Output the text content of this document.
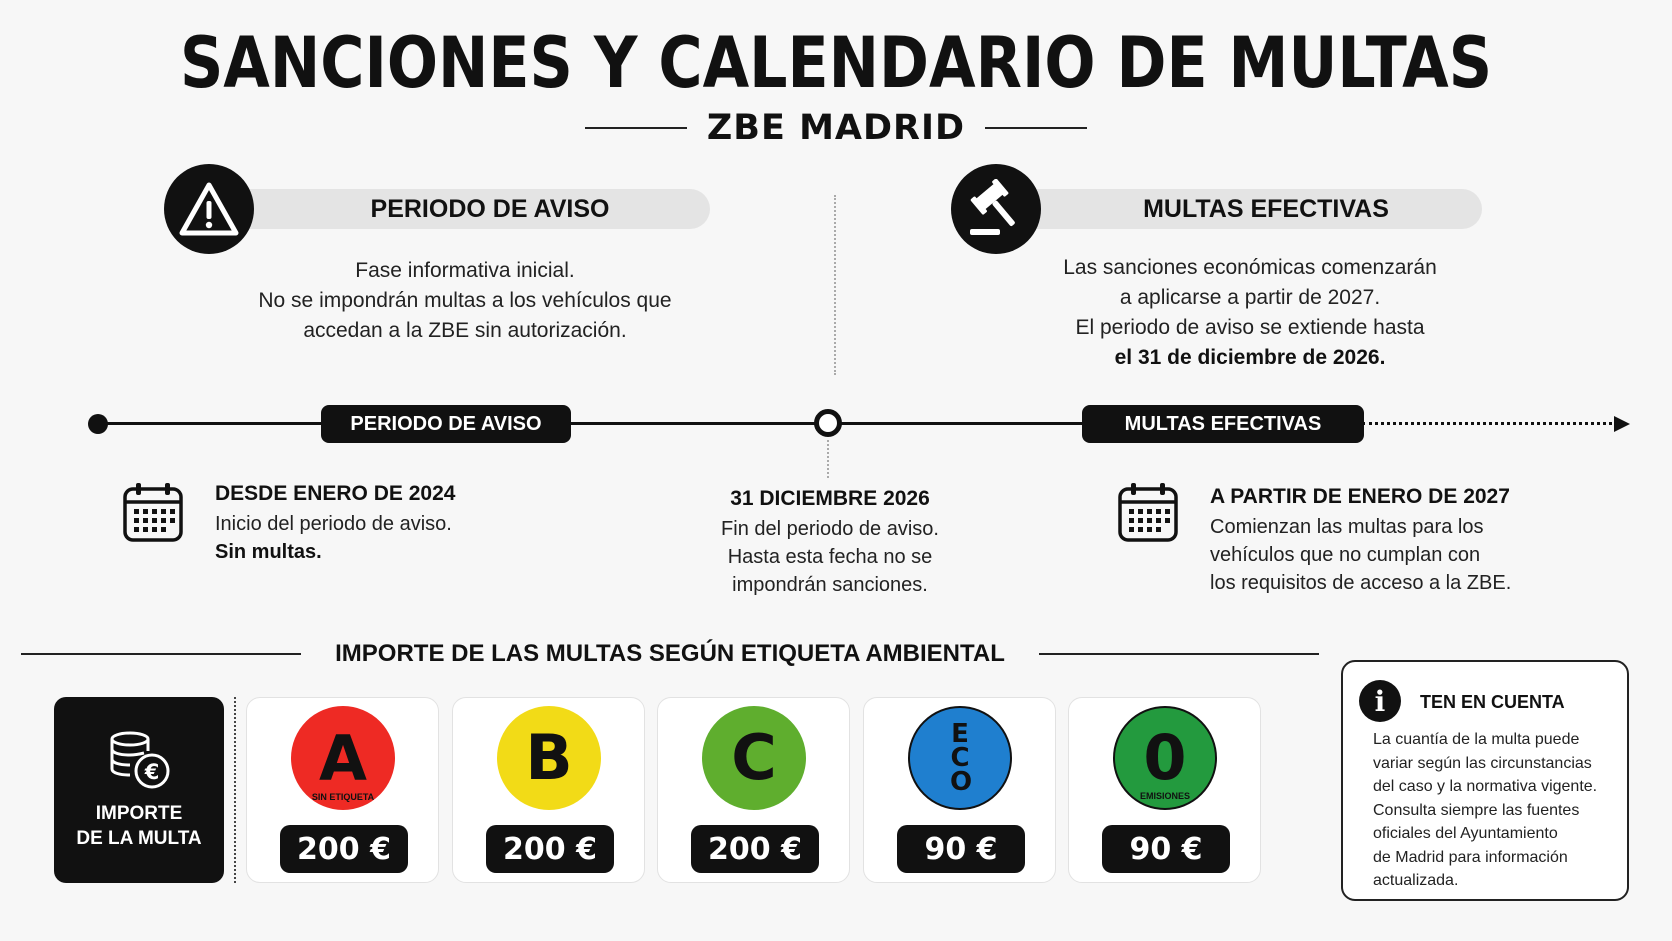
SANCIONES Y CALENDARIO DE MULTAS
ZBE MADRID
PERIODO DE AVISO
Fase informativa inicial.
No se impondrán multas a los vehículos que
accedan a la ZBE sin autorización.
MULTAS EFECTIVAS
Las sanciones económicas comenzarán
a aplicarse a partir de 2027.
El periodo de aviso se extiende hasta
el 31 de diciembre de 2026.
PERIODO DE AVISO	MULTAS EFECTIVAS
DESDE ENERO DE 2024
Inicio del periodo de aviso.
Sin multas.
31 DICIEMBRE 2026
Fin del periodo de aviso.
Hasta esta fecha no se
impondrán sanciones.
A PARTIR DE ENERO DE 2027
Comienzan las multas para los
vehículos que no cumplan con
los requisitos de acceso a la ZBE.
IMPORTE DE LAS MULTAS SEGÚN ETIQUETA AMBIENTAL
€
IMPORTE
DE LA MULTA
A
SIN ETIQUETA
200 €
B
200 €
C
200 €
ECO
90 €
0
EMISIONES
90 €
i	TEN EN CUENTA
La cuantía de la multa puede
variar según las circunstancias
del caso y la normativa vigente.
Consulta siempre las fuentes
oficiales del Ayuntamiento
de Madrid para información
actualizada.
